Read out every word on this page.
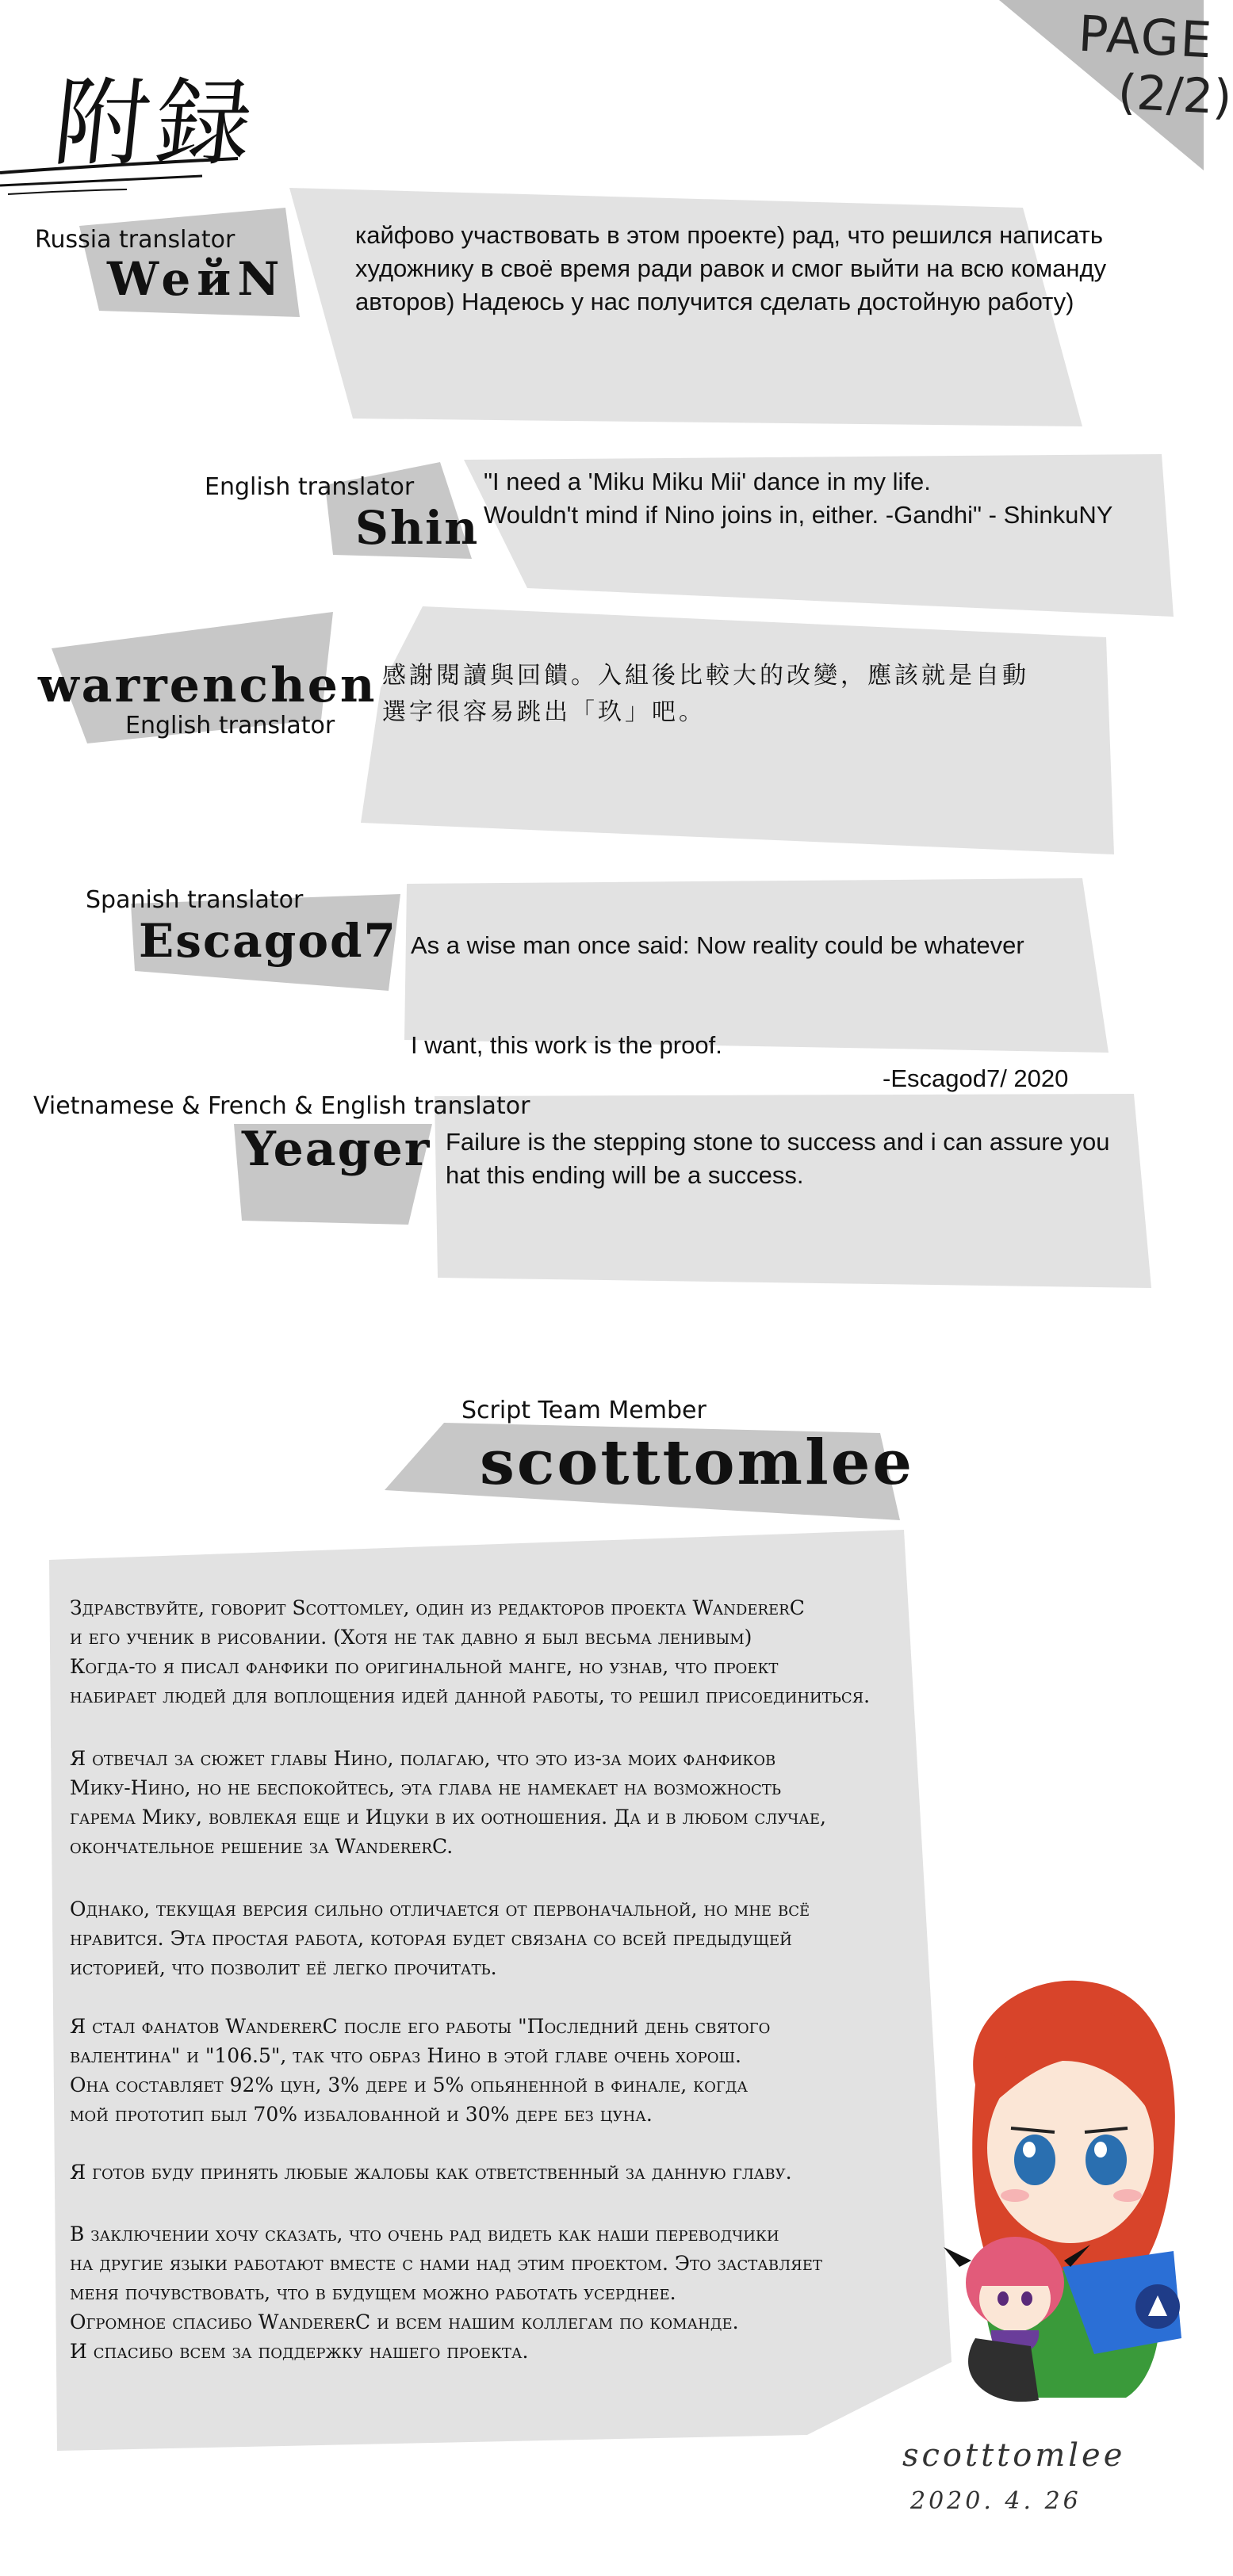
附録
PAGE
(2/2)
Russia translator
WeйN
кайфово участвовать в этом проекте) рад, что решился написать
художнику в своё время ради равок и смог выйти на всю команду
авторов) Надеюсь у нас получится сделать достойную работу)
English translator
Shin
"I need a 'Miku Miku Mii' dance in my life.
Wouldn't mind if Nino joins in, either. -Gandhi" - ShinkuNY
warrenchen
English translator
感謝閱讀與回饋。入組後比較大的改變，應該就是自動
選字很容易跳出「玖」吧。
Spanish translator
Escagod7 As a wise man once said: Now reality could be whatever

I want, this work is the proof.

-Escagod7/ 2020

Vietnamese & French & English translator
Yeager Failure is the stepping stone to success and i can assure you
hat this ending will be a success.
Script Team Member
scotttomlee

Здравствуйте, говорит Scottomley, один из редакторов проекта WandererC
и его ученик в рисовании. (Хотя не так давно я был весьма ленивым)
Когда-то я писал фанфики по оригинальной манге, но узнав, что проект
набирает людей для воплощения идей данной работы, то решил присоединиться.

Я отвечал за сюжет главы Нино, полагаю, что это из-за моих фанфиков
Мику-Нино, но не беспокойтесь, эта глава не намекает на возможность
гарема Мику, вовлекая еще и Ицуки в их оотношения. Да и в любом случае,
окончательное решение за WandererC.

Однако, текущая версия сильно отличается от первоначальной, но мне всё
нравится. Эта простая работа, которая будет связана со всей предыдущей
историей, что позволит её легко прочитать.

Я стал фанатов WandererC после его работы "Последний день святого
валентина" и "106.5", так что образ Нино в этой главе очень хорош.
Она составляет 92% цун, 3% дере и 5% опьяненной в финале, когда
мой прототип был 70% избалованной и 30% дере без цуна.

Я готов буду принять любые жалобы как ответственный за данную главу.

В заключении хочу сказать, что очень рад видеть как наши переводчики
на другие языки работают вместе с нами над этим проектом. Это заставляет
меня почувствовать, что в будущем можно работать усерднее.
Огромное спасибо WandererC и всем нашим коллегам по команде.
И спасибо всем за поддержку нашего проекта.

scotttomlee
2020. 4. 26
